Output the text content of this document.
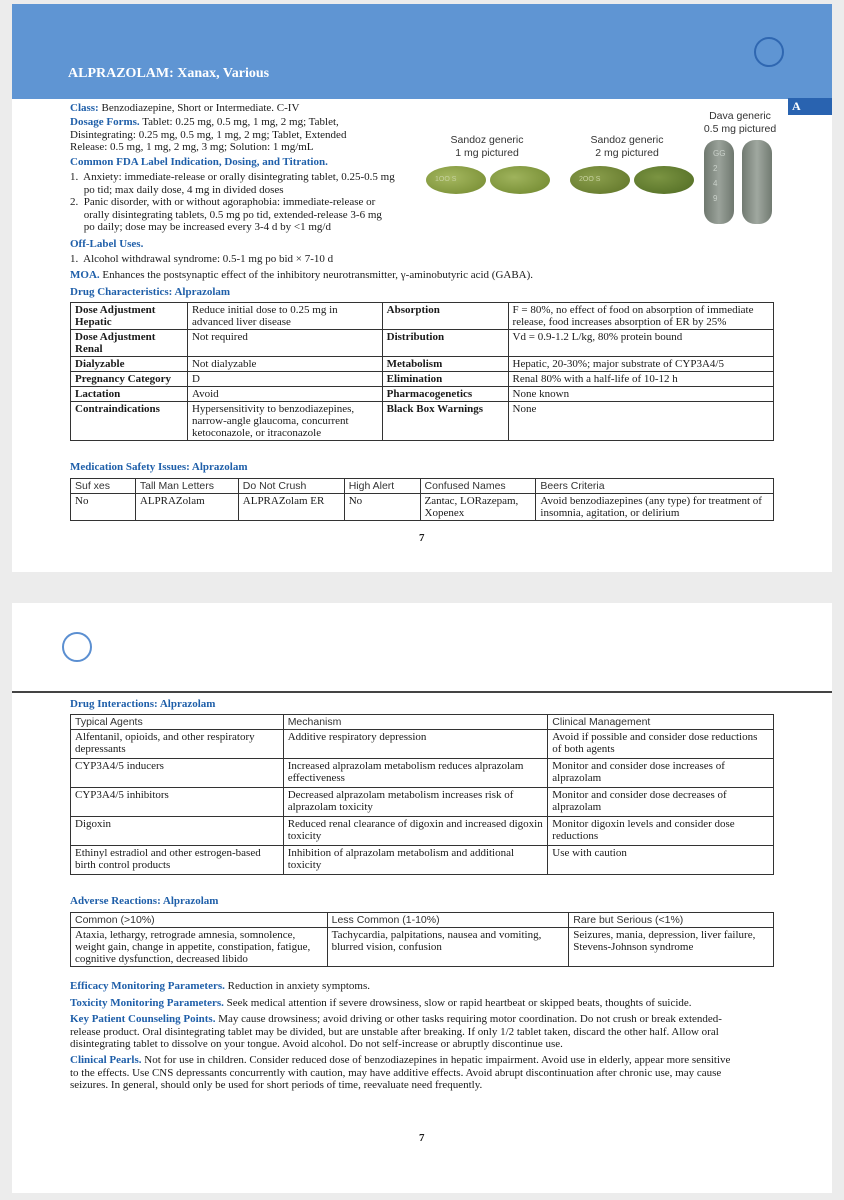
ALPRAZOLAM: Xanax, Various
A
Class: Benzodiazepine, Short or Intermediate. C-IV
Dosage Forms. Tablet: 0.25 mg, 0.5 mg, 1 mg, 2 mg; Tablet,
Disintegrating: 0.25 mg, 0.5 mg, 1 mg, 2 mg; Tablet, Extended
Release: 0.5 mg, 1 mg, 2 mg, 3 mg; Solution: 1 mg/mL
Common FDA Label Indication, Dosing, and Titration.
1.  Anxiety: immediate-release or orally disintegrating tablet, 0.25-0.5 mg
po tid; max daily dose, 4 mg in divided doses
2.  Panic disorder, with or without agoraphobia: immediate-release or
orally disintegrating tablets, 0.5 mg po tid, extended-release 3-6 mg
po daily; dose may be increased every 3-4 d by <1 mg/d
Off-Label Uses.
1.  Alcohol withdrawal syndrome: 0.5-1 mg po bid × 7-10 d
MOA. Enhances the postsynaptic effect of the inhibitory neurotransmitter, γ-aminobutyric acid (GABA).
Sandoz generic
1 mg pictured
Sandoz generic
2 mg pictured
Dava generic
0.5 mg pictured
1OO S	2OO S
GG 2 4 9
Drug Characteristics: Alprazolam
Dose Adjustment Hepatic	Reduce initial dose to 0.25 mg in advanced liver disease	Absorption	F = 80%, no effect of food on absorption of immediate release, food increases absorption of ER by 25%
Dose Adjustment Renal	Not required	Distribution	Vd = 0.9-1.2 L/kg, 80% protein bound
Dialyzable	Not dialyzable	Metabolism	Hepatic, 20-30%; major substrate of CYP3A4/5
Pregnancy Category	D	Elimination	Renal 80% with a half-life of 10-12 h
Lactation	Avoid	Pharmacogenetics	None known
Contraindications	Hypersensitivity to benzodiazepines, narrow-angle glaucoma, concurrent ketoconazole, or itraconazole	Black Box Warnings	None
Medication Safety Issues: Alprazolam
Suf xes	Tall Man Letters	Do Not Crush	High Alert	Confused Names	Beers Criteria
No	ALPRAZolam	ALPRAZolam ER	No	Zantac, LORazepam, Xopenex	Avoid benzodiazepines (any type) for treatment of insomnia, agitation, or delirium
7
Drug Interactions: Alprazolam
Typical Agents	Mechanism	Clinical Management
Alfentanil, opioids, and other respiratory depressants	Additive respiratory depression	Avoid if possible and consider dose reductions of both agents
CYP3A4/5 inducers	Increased alprazolam metabolism reduces alprazolam effectiveness	Monitor and consider dose increases of alprazolam
CYP3A4/5 inhibitors	Decreased alprazolam metabolism increases risk of alprazolam toxicity	Monitor and consider dose decreases of alprazolam
Digoxin	Reduced renal clearance of digoxin and increased digoxin toxicity	Monitor digoxin levels and consider dose reductions
Ethinyl estradiol and other estrogen-based birth control products	Inhibition of alprazolam metabolism and additional toxicity	Use with caution
Adverse Reactions: Alprazolam
Common (>10%)	Less Common (1-10%)	Rare but Serious (<1%)
Ataxia, lethargy, retrograde amnesia, somnolence, weight gain, change in appetite, constipation, fatigue, cognitive dysfunction, decreased libido	Tachycardia, palpitations, nausea and vomiting, blurred vision, confusion	Seizures, mania, depression, liver failure, Stevens-Johnson syndrome
Efficacy Monitoring Parameters. Reduction in anxiety symptoms.
Toxicity Monitoring Parameters. Seek medical attention if severe drowsiness, slow or rapid heartbeat or skipped beats, thoughts of suicide.
Key Patient Counseling Points. May cause drowsiness; avoid driving or other tasks requiring motor coordination. Do not crush or break extended-
release product. Oral disintegrating tablet may be divided, but are unstable after breaking. If only 1/2 tablet taken, discard the other half. Allow oral
disintegrating tablet to dissolve on your tongue. Avoid alcohol. Do not self-increase or abruptly discontinue use.
Clinical Pearls. Not for use in children. Consider reduced dose of benzodiazepines in hepatic impairment. Avoid use in elderly, appear more sensitive
to the effects. Use CNS depressants concurrently with caution, may have additive effects. Avoid abrupt discontinuation after chronic use, may cause
seizures. In general, should only be used for short periods of time, reevaluate need frequently.
7
